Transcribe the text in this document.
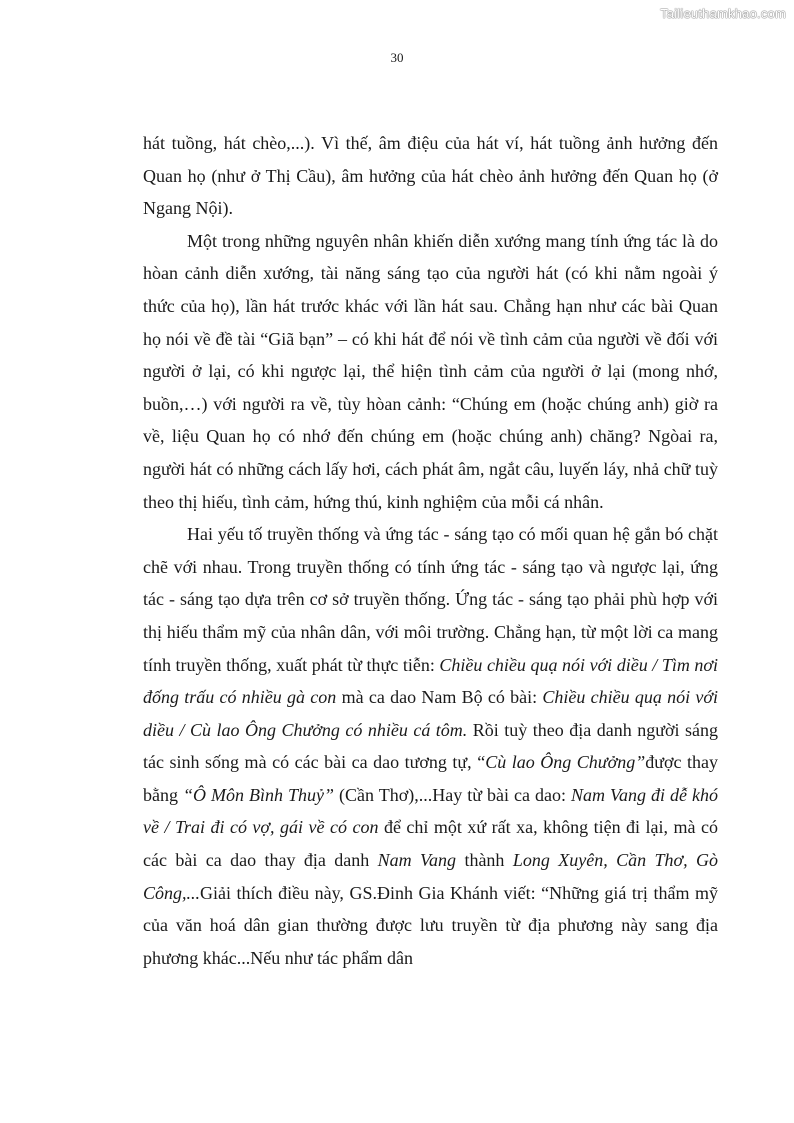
Tailieuthamkhao.com
30

hát tuồng, hát chèo,...). Vì thế, âm điệu của hát ví, hát tuồng ảnh hưởng đến Quan họ (như ở Thị Cầu), âm hưởng của hát chèo ảnh hưởng đến Quan họ (ở Ngang Nội).

Một trong những nguyên nhân khiến diễn xướng mang tính ứng tác là do hòan cảnh diễn xướng, tài năng sáng tạo của người hát (có khi nằm ngoài ý thức của họ), lần hát trước khác với lần hát sau. Chẳng hạn như các bài Quan họ nói về đề tài “Giã bạn” – có khi hát để nói về tình cảm của người về đối với người ở lại, có khi ngược lại, thể hiện tình cảm của người ở lại (mong nhớ, buồn,…) với người ra về, tùy hòan cảnh: “Chúng em (hoặc chúng anh) giờ ra về, liệu Quan họ có nhớ đến chúng em (hoặc chúng anh) chăng? Ngòai ra, người hát có những cách lấy hơi, cách phát âm, ngắt câu, luyến láy, nhả chữ tuỳ theo thị hiếu, tình cảm, hứng thú, kinh nghiệm của mỗi cá nhân.

Hai yếu tố truyền thống và ứng tác - sáng tạo có mối quan hệ gắn bó chặt chẽ với nhau. Trong truyền thống có tính ứng tác - sáng tạo và ngược lại, ứng tác - sáng tạo dựa trên cơ sở truyền thống. Ứng tác - sáng tạo phải phù hợp với thị hiếu thẩm mỹ của nhân dân, với môi trường. Chẳng hạn, từ một lời ca mang tính truyền thống, xuất phát từ thực tiễn: Chiều chiều quạ nói với diều / Tìm nơi đống trấu có nhiều gà con mà ca dao Nam Bộ có bài: Chiều chiều quạ nói với diều / Cù lao Ông Chưởng có nhiều cá tôm. Rồi tuỳ theo địa danh người sáng tác sinh sống mà có các bài ca dao tương tự, “Cù lao Ông Chưởng”được thay bằng “Ô Môn Bình Thuỷ” (Cần Thơ),...Hay từ bài ca dao: Nam Vang đi dễ khó về / Trai đi có vợ, gái về có con để chỉ một xứ rất xa, không tiện đi lại, mà có các bài ca dao thay địa danh Nam Vang thành Long Xuyên, Cần Thơ, Gò Công,...Giải thích điều này, GS.Đinh Gia Khánh viết: “Những giá trị thẩm mỹ của văn hoá dân gian thường được lưu truyền từ địa phương này sang địa phương khác...Nếu như tác phẩm dân
